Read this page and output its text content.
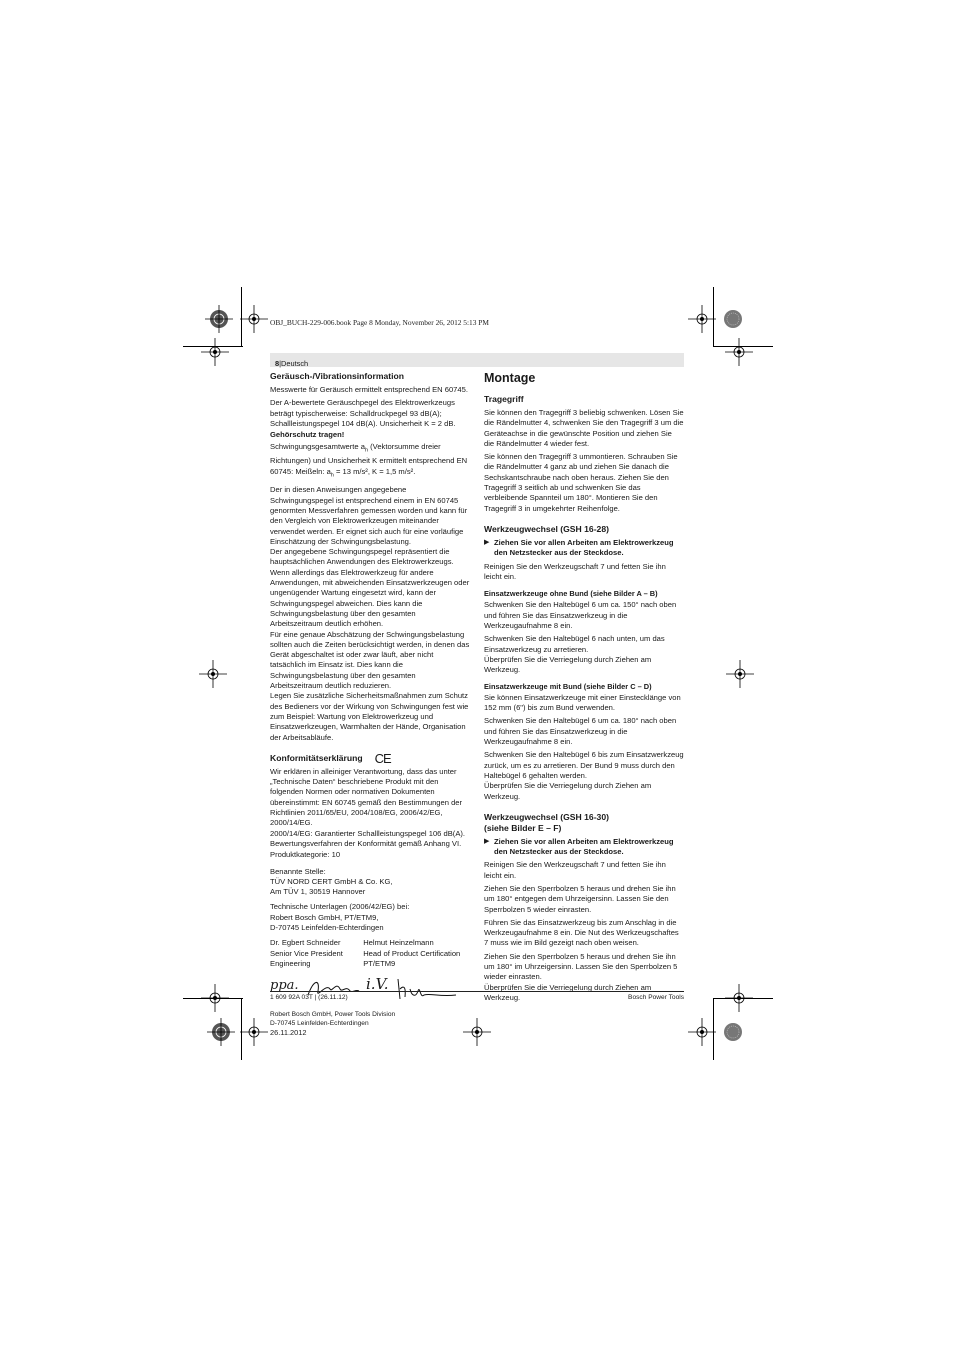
OBJ_BUCH-229-006.book Page 8 Monday, November 26, 2012 5:13 PM
8|Deutsch
Geräusch-/Vibrationsinformation

Messwerte für Geräusch ermittelt entsprechend EN 60745.

Der A-bewertete Geräuschpegel des Elektrowerkzeugs beträgt typischerweise: Schalldruckpegel 93 dB(A); Schallleistungspegel 104 dB(A). Unsicherheit K = 2 dB.

Gehörschutz tragen!

Schwingungsgesamtwerte $a_h$ (Vektorsumme dreier Richtungen) und Unsicherheit K ermittelt entsprechend EN 60745: Meißeln: $a_h = 13$ m/s², K = 1,5 m/s².

Der in diesen Anweisungen angegebene Schwingungspegel ist entsprechend einem in EN 60745 genormten Messverfahren gemessen worden und kann für den Vergleich von Elektrowerkzeugen miteinander verwendet werden. Er eignet sich auch für eine vorläufige Einschätzung der Schwingungsbelastung.

Der angegebene Schwingungspegel repräsentiert die hauptsächlichen Anwendungen des Elektrowerkzeugs. Wenn allerdings das Elektrowerkzeug für andere Anwendungen, mit abweichenden Einsatzwerkzeugen oder ungenügender Wartung eingesetzt wird, kann der Schwingungspegel abweichen. Dies kann die Schwingungsbelastung über den gesamten Arbeitszeitraum deutlich erhöhen.

Für eine genaue Abschätzung der Schwingungsbelastung sollten auch die Zeiten berücksichtigt werden, in denen das Gerät abgeschaltet ist oder zwar läuft, aber nicht tatsächlich im Einsatz ist. Dies kann die Schwingungsbelastung über den gesamten Arbeitszeitraum deutlich reduzieren.

Legen Sie zusätzliche Sicherheitsmaßnahmen zum Schutz des Bedieners vor der Wirkung von Schwingungen fest wie zum Beispiel: Wartung von Elektrowerkzeug und Einsatzwerkzeugen, Warmhalten der Hände, Organisation der Arbeitsabläufe.

Konformitätserklärung CE

Wir erklären in alleiniger Verantwortung, dass das unter „Technische Daten“ beschriebene Produkt mit den folgenden Normen oder normativen Dokumenten übereinstimmt: EN 60745 gemäß den Bestimmungen der Richtlinien 2011/65/EU, 2004/108/EG, 2006/42/EG, 2000/14/EG.

2000/14/EG: Garantierter Schallleistungspegel 106 dB(A). Bewertungsverfahren der Konformität gemäß Anhang VI.

Produktkategorie: 10

Benannte Stelle:
TÜV NORD CERT GmbH & Co. KG,
Am TÜV 1, 30519 Hannover

Technische Unterlagen (2006/42/EG) bei:
Robert Bosch GmbH, PT/ETM9,
D-70745 Leinfelden-Echterdingen

Dr. Egbert Schneider
Senior Vice President
Engineering
Helmut Heinzelmann
Head of Product Certification
PT/ETM9
ppa.	i.V.
Robert Bosch GmbH, Power Tools Division
D-70745 Leinfelden-Echterdingen
26.11.2012
Montage
Tragegriff

Sie können den Tragegriff 3 beliebig schwenken. Lösen Sie die Rändelmutter 4, schwenken Sie den Tragegriff 3 um die Geräteachse in die gewünschte Position und ziehen Sie die Rändelmutter 4 wieder fest.

Sie können den Tragegriff 3 ummontieren. Schrauben Sie die Rändelmutter 4 ganz ab und ziehen Sie danach die Sechskantschraube nach oben heraus. Ziehen Sie den Tragegriff 3 seitlich ab und schwenken Sie das verbleibende Spannteil um 180°. Montieren Sie den Tragegriff 3 in umgekehrter Reihenfolge.

Werkzeugwechsel (GSH 16-28)
▶ Ziehen Sie vor allen Arbeiten am Elektrowerkzeug den Netzstecker aus der Steckdose.

Reinigen Sie den Werkzeugschaft 7 und fetten Sie ihn leicht ein.

Einsatzwerkzeuge ohne Bund (siehe Bilder A – B)

Schwenken Sie den Haltebügel 6 um ca. 150° nach oben und führen Sie das Einsatzwerkzeug in die Werkzeugaufnahme 8 ein.

Schwenken Sie den Haltebügel 6 nach unten, um das Einsatzwerkzeug zu arretieren.

Überprüfen Sie die Verriegelung durch Ziehen am Werkzeug.

Einsatzwerkzeuge mit Bund (siehe Bilder C – D)

Sie können Einsatzwerkzeuge mit einer Einstecklänge von 152 mm (6") bis zum Bund verwenden.

Schwenken Sie den Haltebügel 6 um ca. 180° nach oben und führen Sie das Einsatzwerkzeug in die Werkzeugaufnahme 8 ein.

Schwenken Sie den Haltebügel 6 bis zum Einsatzwerkzeug zurück, um es zu arretieren. Der Bund 9 muss durch den Haltebügel 6 gehalten werden.

Überprüfen Sie die Verriegelung durch Ziehen am Werkzeug.

Werkzeugwechsel (GSH 16-30)
(siehe Bilder E – F)
▶ Ziehen Sie vor allen Arbeiten am Elektrowerkzeug den Netzstecker aus der Steckdose.

Reinigen Sie den Werkzeugschaft 7 und fetten Sie ihn leicht ein.

Ziehen Sie den Sperrbolzen 5 heraus und drehen Sie ihn um 180° entgegen dem Uhrzeigersinn. Lassen Sie den Sperrbolzen 5 wieder einrasten.

Führen Sie das Einsatzwerkzeug bis zum Anschlag in die Werkzeugaufnahme 8 ein. Die Nut des Werkzeugschaftes 7 muss wie im Bild gezeigt nach oben weisen.

Ziehen Sie den Sperrbolzen 5 heraus und drehen Sie ihn um 180° im Uhrzeigersinn. Lassen Sie den Sperrbolzen 5 wieder einrasten.

Überprüfen Sie die Verriegelung durch Ziehen am Werkzeug.

1 609 92A 03T | (26.11.12)	Bosch Power Tools
